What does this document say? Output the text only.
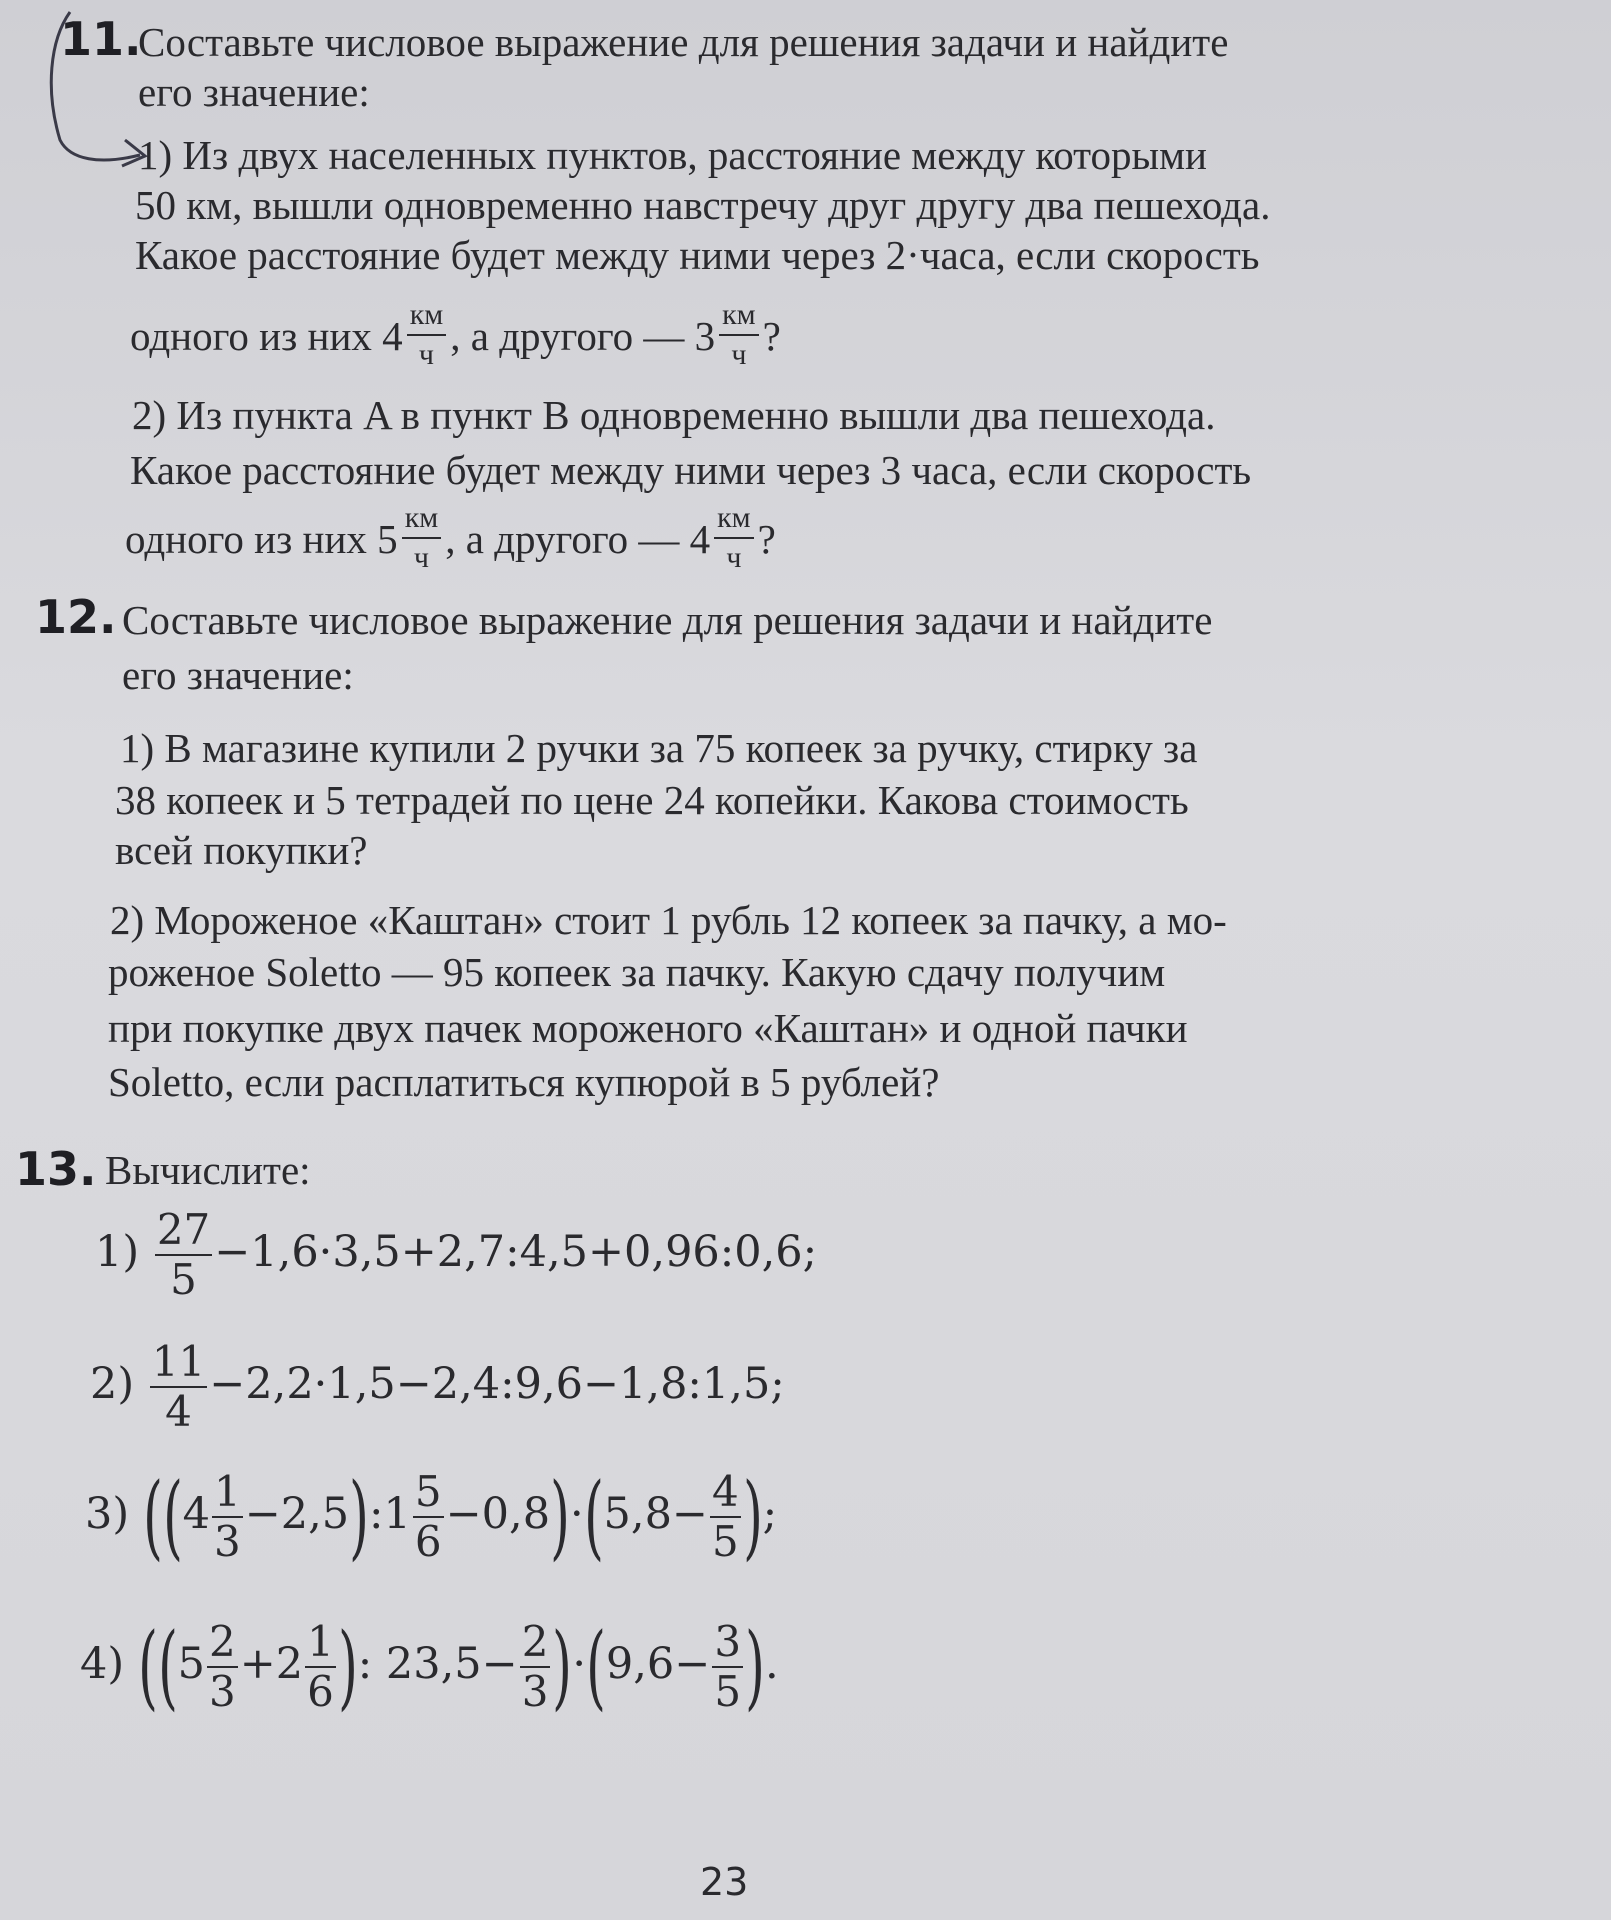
11.
Составьте числовое выражение для решения задачи и найдите
его значение:
1) Из двух населенных пунктов, расстояние между которыми
50 км, вышли одновременно навстречу друг другу два пешехода.
Какое расстояние будет между ними через 2·часа, если скорость
одного из них $4 \frac{км}{ч}$ , а другого — $3 \frac{км}{ч}$ ?
2) Из пункта A в пункт B одновременно вышли два пешехода.
Какое расстояние будет между ними через 3 часа, если скорость
одного из них $5 \frac{км}{ч}$ , а другого — $4 \frac{км}{ч}$ ?
12. Составьте числовое выражение для решения задачи и найдите
его значение:
1) В магазине купили 2 ручки за 75 копеек за ручку, стирку за
38 копеек и 5 тетрадей по цене 24 копейки. Какова стоимость
всей покупки?
2) Мороженое «Каштан» стоит 1 рубль 12 копеек за пачку, а мо-
роженое Soletto — 95 копеек за пачку. Какую сдачу получим
при покупке двух пачек мороженого «Каштан» и одной пачки
Soletto, если расплатиться купюрой в 5 рублей?
13. Вычислите:
$1) \frac{27}{5}$ −1,6·3,5+2,7:4,5+0,96:0,6;
$2) \frac{11}{4}$ −2,2·1,5−2,4:9,6−1,8:1,5;
3) (($4 \frac{1}{3}$ −2,5):1 $\frac{5}{6} -0,8)\cdot(5,8- \frac{4}{5}$ );
4) (($5 \frac{2}{3} +2 \frac{1}{6}$ ): $23,5- \frac{2}{3} )\cdot(9,6- \frac{3}{5}$ ).
23
